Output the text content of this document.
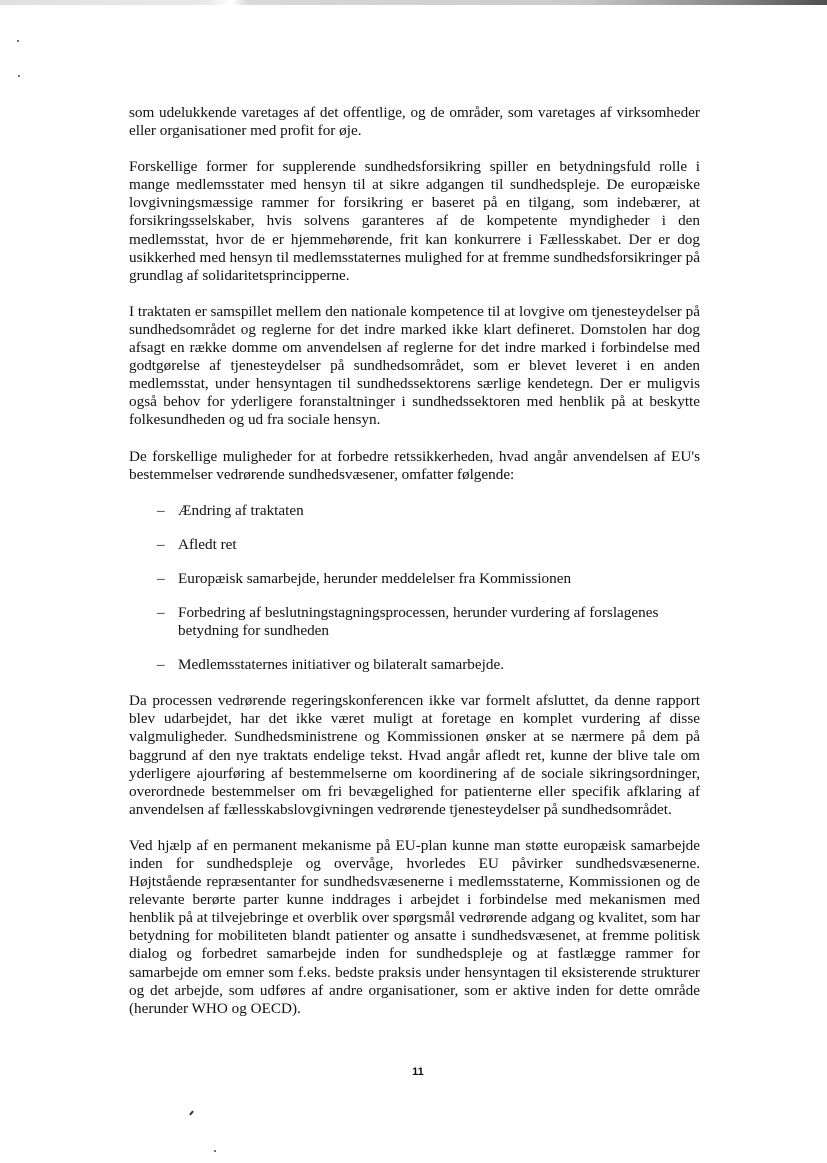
som udelukkende varetages af det offentlige, og de områder, som varetages af virksomheder eller organisationer med profit for øje.

Forskellige former for supplerende sundhedsforsikring spiller en betydningsfuld rolle i mange medlemsstater med hensyn til at sikre adgangen til sundhedspleje. De europæiske lovgivningsmæssige rammer for forsikring er baseret på en tilgang, som indebærer, at forsikringsselskaber, hvis solvens garanteres af de kompetente myndigheder i den medlemsstat, hvor de er hjemmehørende, frit kan konkurrere i Fællesskabet. Der er dog usikkerhed med hensyn til medlemsstaternes mulighed for at fremme sundhedsforsikringer på grundlag af solidaritetsprincipperne.

I traktaten er samspillet mellem den nationale kompetence til at lovgive om tjenesteydelser på sundhedsområdet og reglerne for det indre marked ikke klart defineret. Domstolen har dog afsagt en række domme om anvendelsen af reglerne for det indre marked i forbindelse med godtgørelse af tjenesteydelser på sundhedsområdet, som er blevet leveret i en anden medlemsstat, under hensyntagen til sundhedssektorens særlige kendetegn. Der er muligvis også behov for yderligere foranstaltninger i sundhedssektoren med henblik på at beskytte folkesundheden og ud fra sociale hensyn.

De forskellige muligheder for at forbedre retssikkerheden, hvad angår anvendelsen af EU's bestemmelser vedrørende sundhedsvæsener, omfatter følgende:

– Ændring af traktaten
– Afledt ret
– Europæisk samarbejde, herunder meddelelser fra Kommissionen
– Forbedring af beslutningstagningsprocessen, herunder vurdering af forslagenes betydning for sundheden
– Medlemsstaternes initiativer og bilateralt samarbejde.

Da processen vedrørende regeringskonferencen ikke var formelt afsluttet, da denne rapport blev udarbejdet, har det ikke været muligt at foretage en komplet vurdering af disse valgmuligheder. Sundhedsministrene og Kommissionen ønsker at se nærmere på dem på baggrund af den nye traktats endelige tekst. Hvad angår afledt ret, kunne der blive tale om yderligere ajourføring af bestemmelserne om koordinering af de sociale sikringsordninger, overordnede bestemmelser om fri bevægelighed for patienterne eller specifik afklaring af anvendelsen af fællesskabslovgivningen vedrørende tjenesteydelser på sundhedsområdet.

Ved hjælp af en permanent mekanisme på EU-plan kunne man støtte europæisk samarbejde inden for sundhedspleje og overvåge, hvorledes EU påvirker sundhedsvæsenerne. Højtstående repræsentanter for sundhedsvæsenerne i medlemsstaterne, Kommissionen og de relevante berørte parter kunne inddrages i arbejdet i forbindelse med mekanismen med henblik på at tilvejebringe et overblik over spørgsmål vedrørende adgang og kvalitet, som har betydning for mobiliteten blandt patienter og ansatte i sundhedsvæsenet, at fremme politisk dialog og forbedret samarbejde inden for sundhedspleje og at fastlægge rammer for samarbejde om emner som f.eks. bedste praksis under hensyntagen til eksisterende strukturer og det arbejde, som udføres af andre organisationer, som er aktive inden for dette område (herunder WHO og OECD).

11
